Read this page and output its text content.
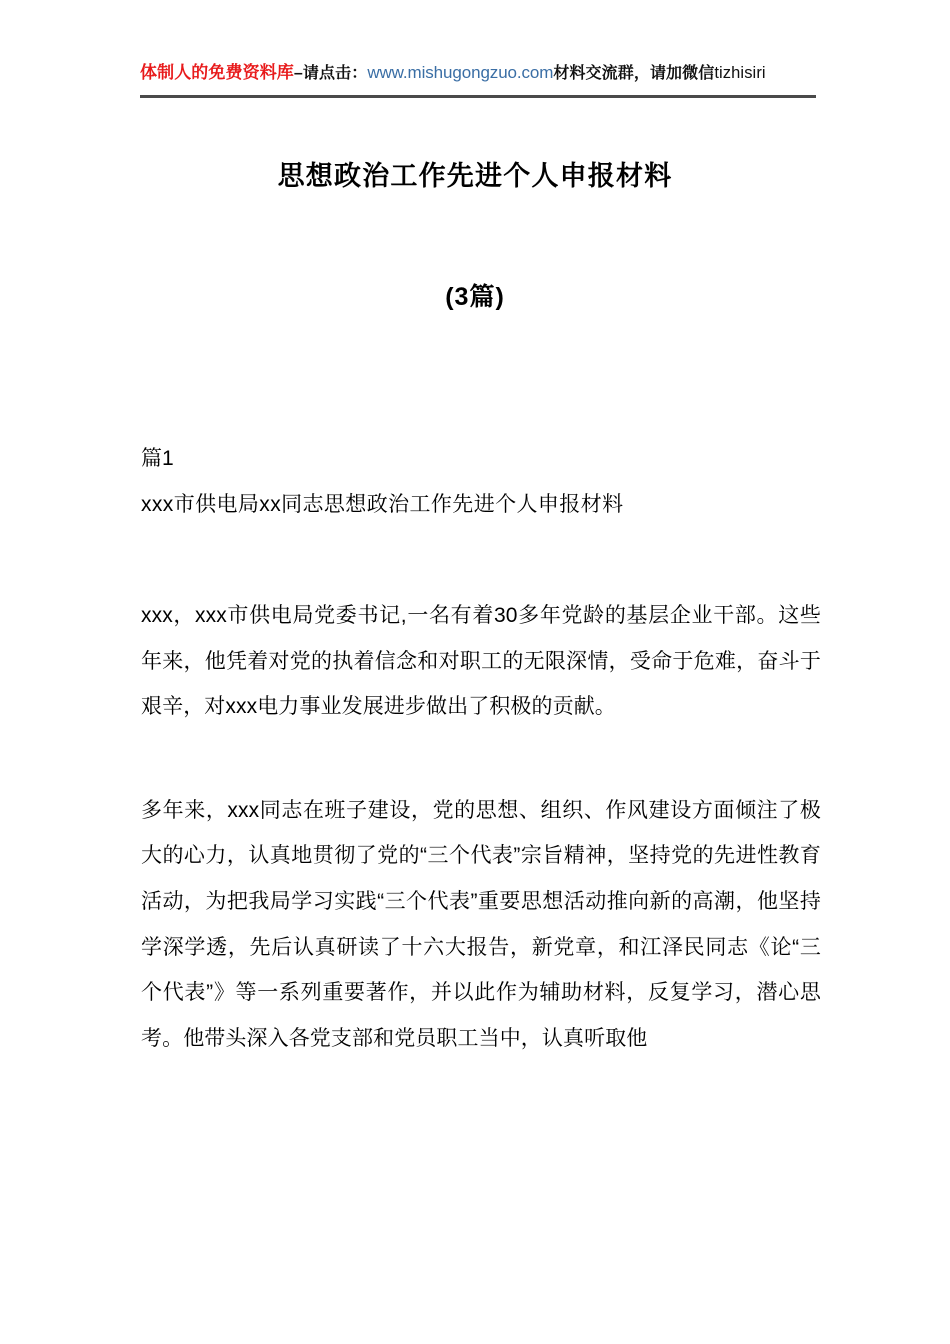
体制人的免费资料库–请点击：www.mishugongzuo.com材料交流群，请加微信tizhisiri
思想政治工作先进个人申报材料
(3篇)

篇1

xxx市供电局xx同志思想政治工作先进个人申报材料

xxx，xxx市供电局党委书记,一名有着30多年党龄的基层企业干部。这些年来，他凭着对党的执着信念和对职工的无限深情，受命于危难，奋斗于艰辛，对xxx电力事业发展进步做出了积极的贡献。

多年来，xxx同志在班子建设，党的思想、组织、作风建设方面倾注了极大的心力，认真地贯彻了党的“三个代表”宗旨精神，坚持党的先进性教育活动，为把我局学习实践“三个代表”重要思想活动推向新的高潮，他坚持学深学透，先后认真研读了十六大报告，新党章，和江泽民同志《论“三个代表”》等一系列重要著作，并以此作为辅助材料，反复学习，潜心思考。他带头深入各党支部和党员职工当中，认真听取他
